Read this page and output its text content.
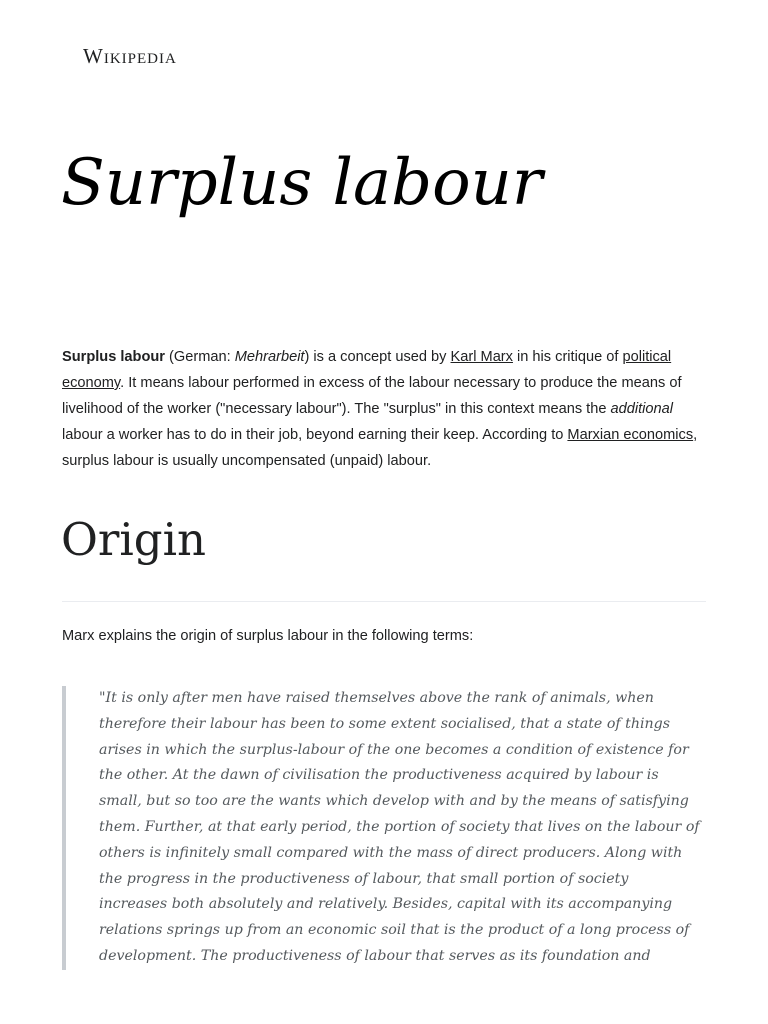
Wikipedia
Surplus labour

Surplus labour (German: Mehrarbeit) is a concept used by Karl Marx in his critique of political economy. It means labour performed in excess of the labour necessary to produce the means of livelihood of the worker ("necessary labour"). The "surplus" in this context means the additional labour a worker has to do in their job, beyond earning their keep. According to Marxian economics, surplus labour is usually uncompensated (unpaid) labour.

Origin

Marx explains the origin of surplus labour in the following terms:

"It is only after men have raised themselves above the rank of animals, when
therefore their labour has been to some extent socialised, that a state of things
arises in which the surplus-labour of the one becomes a condition of existence for
the other. At the dawn of civilisation the productiveness acquired by labour is
small, but so too are the wants which develop with and by the means of satisfying
them. Further, at that early period, the portion of society that lives on the labour of
others is infinitely small compared with the mass of direct producers. Along with
the progress in the productiveness of labour, that small portion of society
increases both absolutely and relatively. Besides, capital with its accompanying
relations springs up from an economic soil that is the product of a long process of
development. The productiveness of labour that serves as its foundation and
